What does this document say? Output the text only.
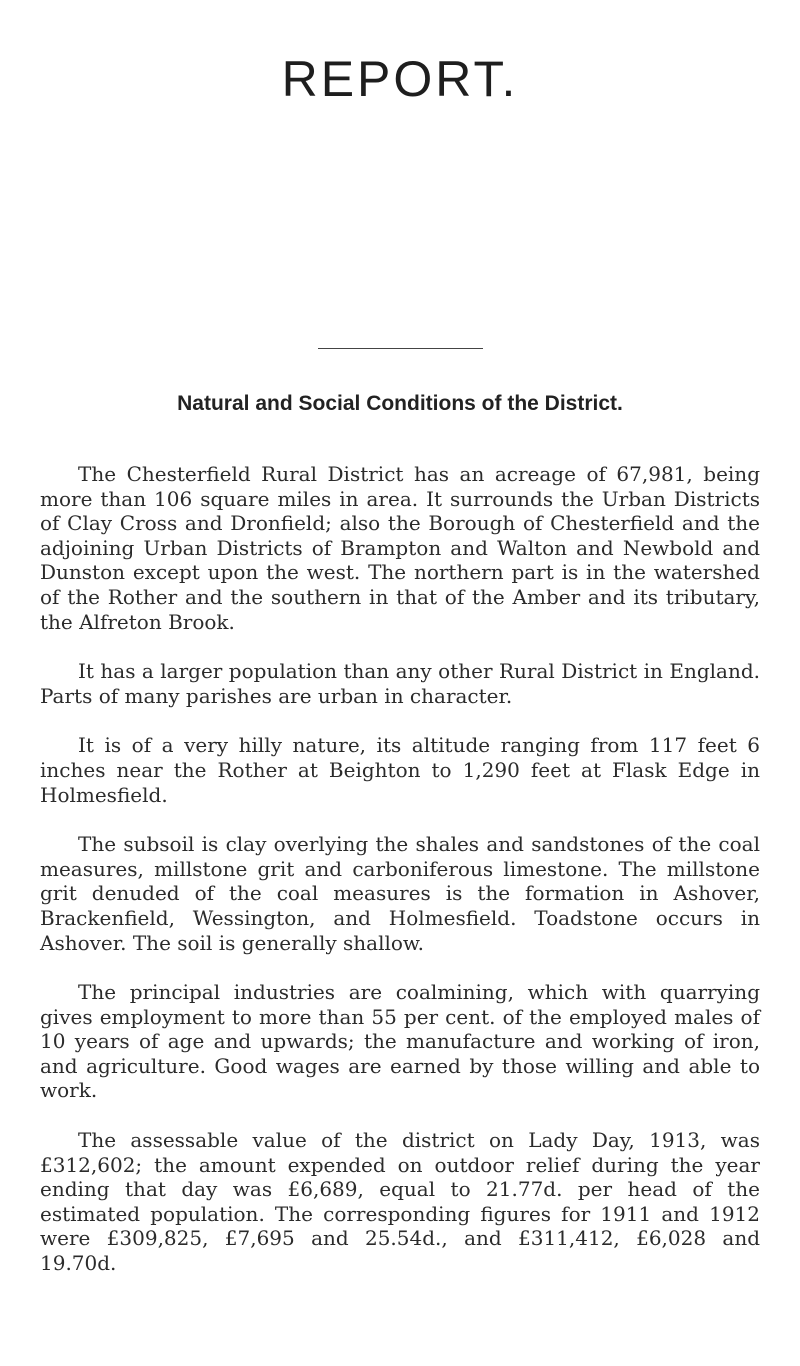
REPORT.
Natural and Social Conditions of the District.

The Chesterfield Rural District has an acreage of 67,981, being more than 106 square miles in area. It surrounds the Urban Districts of Clay Cross and Dronfield; also the Borough of Chesterfield and the adjoining Urban Districts of Brampton and Walton and Newbold and Dunston except upon the west. The northern part is in the watershed of the Rother and the southern in that of the Amber and its tributary, the Alfreton Brook.

It has a larger population than any other Rural District in England. Parts of many parishes are urban in character.

It is of a very hilly nature, its altitude ranging from 117 feet 6 inches near the Rother at Beighton to 1,290 feet at Flask Edge in Holmesfield.

The subsoil is clay overlying the shales and sandstones of the coal measures, millstone grit and carboniferous limestone. The millstone grit denuded of the coal measures is the formation in Ashover, Brackenfield, Wessington, and Holmesfield. Toadstone occurs in Ashover. The soil is generally shallow.

The principal industries are coalmining, which with quarrying gives employment to more than 55 per cent. of the employed males of 10 years of age and upwards; the manufacture and working of iron, and agriculture. Good wages are earned by those willing and able to work.

The assessable value of the district on Lady Day, 1913, was £312,602; the amount expended on outdoor relief during the year ending that day was £6,689, equal to 21.77d. per head of the estimated population. The corresponding figures for 1911 and 1912 were £309,825, £7,695 and 25.54d., and £311,412, £6,028 and 19.70d.
